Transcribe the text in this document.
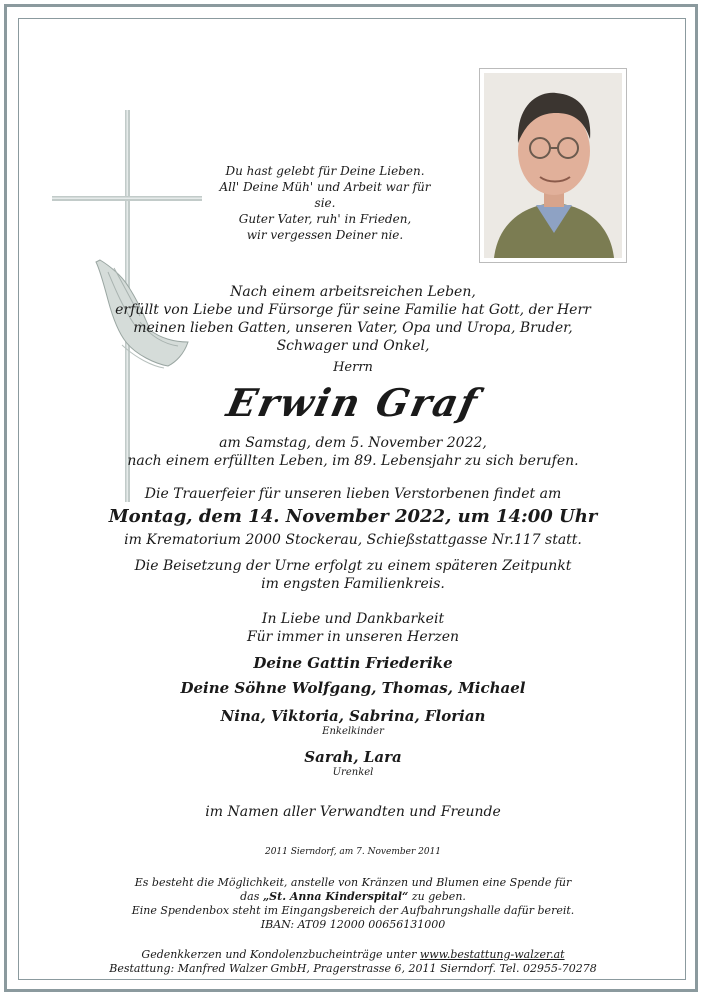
Du hast gelebt für Deine Lieben.
All' Deine Müh' und Arbeit war für sie.
Guter Vater, ruh' in Frieden,
wir vergessen Deiner nie.
Nach einem arbeitsreichen Leben,
erfüllt von Liebe und Fürsorge für seine Familie hat Gott, der Herr
meinen lieben Gatten, unseren Vater, Opa und Uropa, Bruder,
Schwager und Onkel,
Herrn
Erwin Graf
am Samstag, dem 5. November 2022,
nach einem erfüllten Leben, im 89. Lebensjahr zu sich berufen.
Die Trauerfeier für unseren lieben Verstorbenen findet am
Montag, dem 14. November 2022, um 14:00 Uhr
im Krematorium 2000 Stockerau, Schießstattgasse Nr.117 statt.
Die Beisetzung der Urne erfolgt zu einem späteren Zeitpunkt
im engsten Familienkreis.
In Liebe und Dankbarkeit
Für immer in unseren Herzen
Deine Gattin Friederike
Deine Söhne Wolfgang, Thomas, Michael
Nina, Viktoria, Sabrina, Florian
Enkelkinder
Sarah, Lara
Urenkel
im Namen aller Verwandten und Freunde
2011 Sierndorf, am 7. November 2011
Es besteht die Möglichkeit, anstelle von Kränzen und Blumen eine Spende für
das „St. Anna Kinderspital“ zu geben.
Eine Spendenbox steht im Eingangsbereich der Aufbahrungshalle dafür bereit.
IBAN: AT09 12000 00656131000
Gedenkkerzen und Kondolenzbucheinträge unter www.bestattung-walzer.at
Bestattung: Manfred Walzer GmbH, Pragerstrasse 6, 2011 Sierndorf. Tel. 02955-70278
